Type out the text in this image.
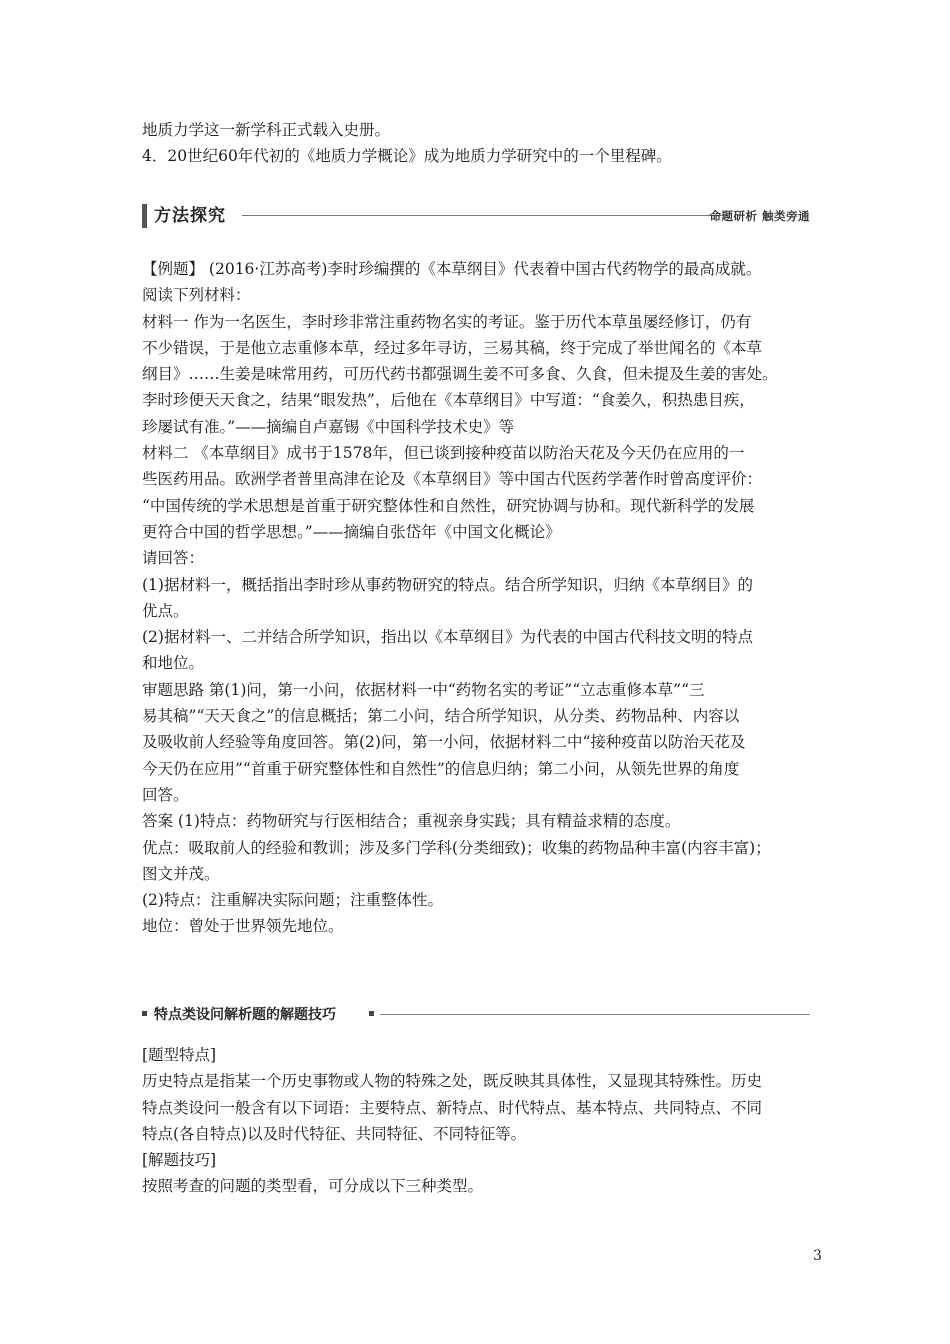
地质力学这一新学科正式载入史册。
4．20世纪60年代初的《地质力学概论》成为地质力学研究中的一个里程碑。
方法探究	命题研析 触类旁通
【例题】 (2016·江苏高考)李时珍编撰的《本草纲目》代表着中国古代药物学的最高成就。
阅读下列材料：
材料一 作为一名医生，李时珍非常注重药物名实的考证。鉴于历代本草虽屡经修订，仍有
不少错误，于是他立志重修本草，经过多年寻访，三易其稿，终于完成了举世闻名的《本草
纲目》……生姜是味常用药，可历代药书都强调生姜不可多食、久食，但未提及生姜的害处。
李时珍便天天食之，结果“眼发热”，后他在《本草纲目》中写道：“食姜久，积热患目疾，
珍屡试有准。”——摘编自卢嘉锡《中国科学技术史》等
材料二 《本草纲目》成书于1578年，但已谈到接种疫苗以防治天花及今天仍在应用的一
些医药用品。欧洲学者普里高津在论及《本草纲目》等中国古代医药学著作时曾高度评价：
“中国传统的学术思想是首重于研究整体性和自然性，研究协调与协和。现代新科学的发展
更符合中国的哲学思想。”——摘编自张岱年《中国文化概论》
请回答：
(1)据材料一，概括指出李时珍从事药物研究的特点。结合所学知识，归纳《本草纲目》的
优点。
(2)据材料一、二并结合所学知识，指出以《本草纲目》为代表的中国古代科技文明的特点
和地位。
审题思路 第(1)问，第一小问，依据材料一中“药物名实的考证”“立志重修本草”“三
易其稿”“天天食之”的信息概括；第二小问，结合所学知识，从分类、药物品种、内容以
及吸收前人经验等角度回答。第(2)问，第一小问，依据材料二中“接种疫苗以防治天花及
今天仍在应用”“首重于研究整体性和自然性”的信息归纳；第二小问，从领先世界的角度
回答。
答案 (1)特点：药物研究与行医相结合；重视亲身实践；具有精益求精的态度。
优点：吸取前人的经验和教训；涉及多门学科(分类细致)；收集的药物品种丰富(内容丰富)；
图文并茂。
(2)特点：注重解决实际问题；注重整体性。
地位：曾处于世界领先地位。
特点类设问解析题的解题技巧
[题型特点]
历史特点是指某一个历史事物或人物的特殊之处，既反映其具体性，又显现其特殊性。历史
特点类设问一般含有以下词语：主要特点、新特点、时代特点、基本特点、共同特点、不同
特点(各自特点)以及时代特征、共同特征、不同特征等。
[解题技巧]
按照考查的问题的类型看，可分成以下三种类型。
3
